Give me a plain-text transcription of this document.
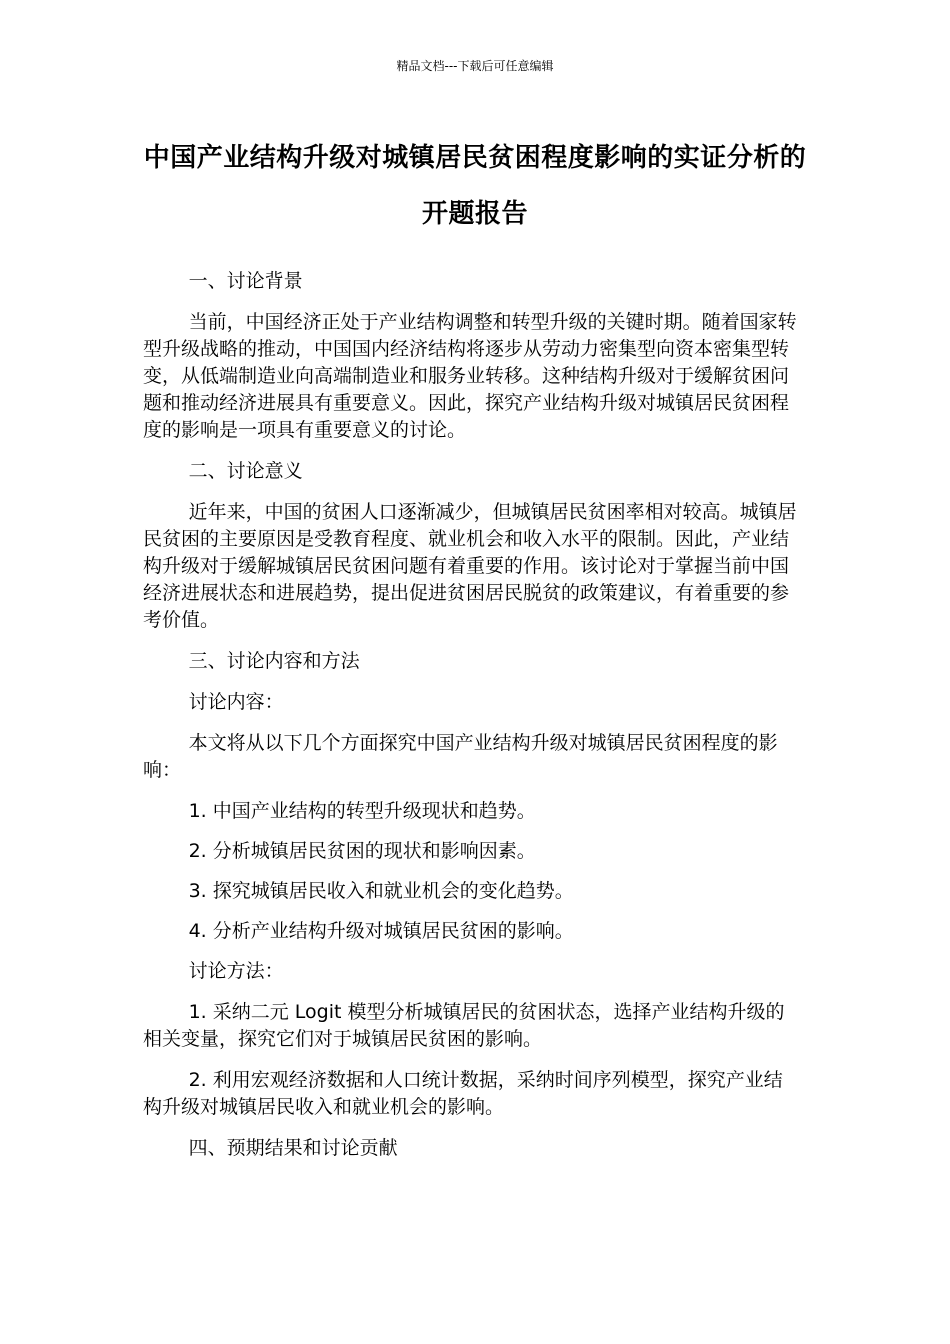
精品文档---下载后可任意编辑
中国产业结构升级对城镇居民贫困程度影响的实证分析的开题报告

一、讨论背景

当前，中国经济正处于产业结构调整和转型升级的关键时期。随着国家转型升级战略的推动，中国国内经济结构将逐步从劳动力密集型向资本密集型转变，从低端制造业向高端制造业和服务业转移。这种结构升级对于缓解贫困问题和推动经济进展具有重要意义。因此，探究产业结构升级对城镇居民贫困程度的影响是一项具有重要意义的讨论。

二、讨论意义

近年来，中国的贫困人口逐渐减少，但城镇居民贫困率相对较高。城镇居民贫困的主要原因是受教育程度、就业机会和收入水平的限制。因此，产业结构升级对于缓解城镇居民贫困问题有着重要的作用。该讨论对于掌握当前中国经济进展状态和进展趋势，提出促进贫困居民脱贫的政策建议，有着重要的参考价值。

三、讨论内容和方法

讨论内容：

本文将从以下几个方面探究中国产业结构升级对城镇居民贫困程度的影响：

1. 中国产业结构的转型升级现状和趋势。

2. 分析城镇居民贫困的现状和影响因素。

3. 探究城镇居民收入和就业机会的变化趋势。

4. 分析产业结构升级对城镇居民贫困的影响。

讨论方法：

1. 采纳二元 Logit 模型分析城镇居民的贫困状态，选择产业结构升级的相关变量，探究它们对于城镇居民贫困的影响。

2. 利用宏观经济数据和人口统计数据，采纳时间序列模型，探究产业结构升级对城镇居民收入和就业机会的影响。

四、预期结果和讨论贡献
